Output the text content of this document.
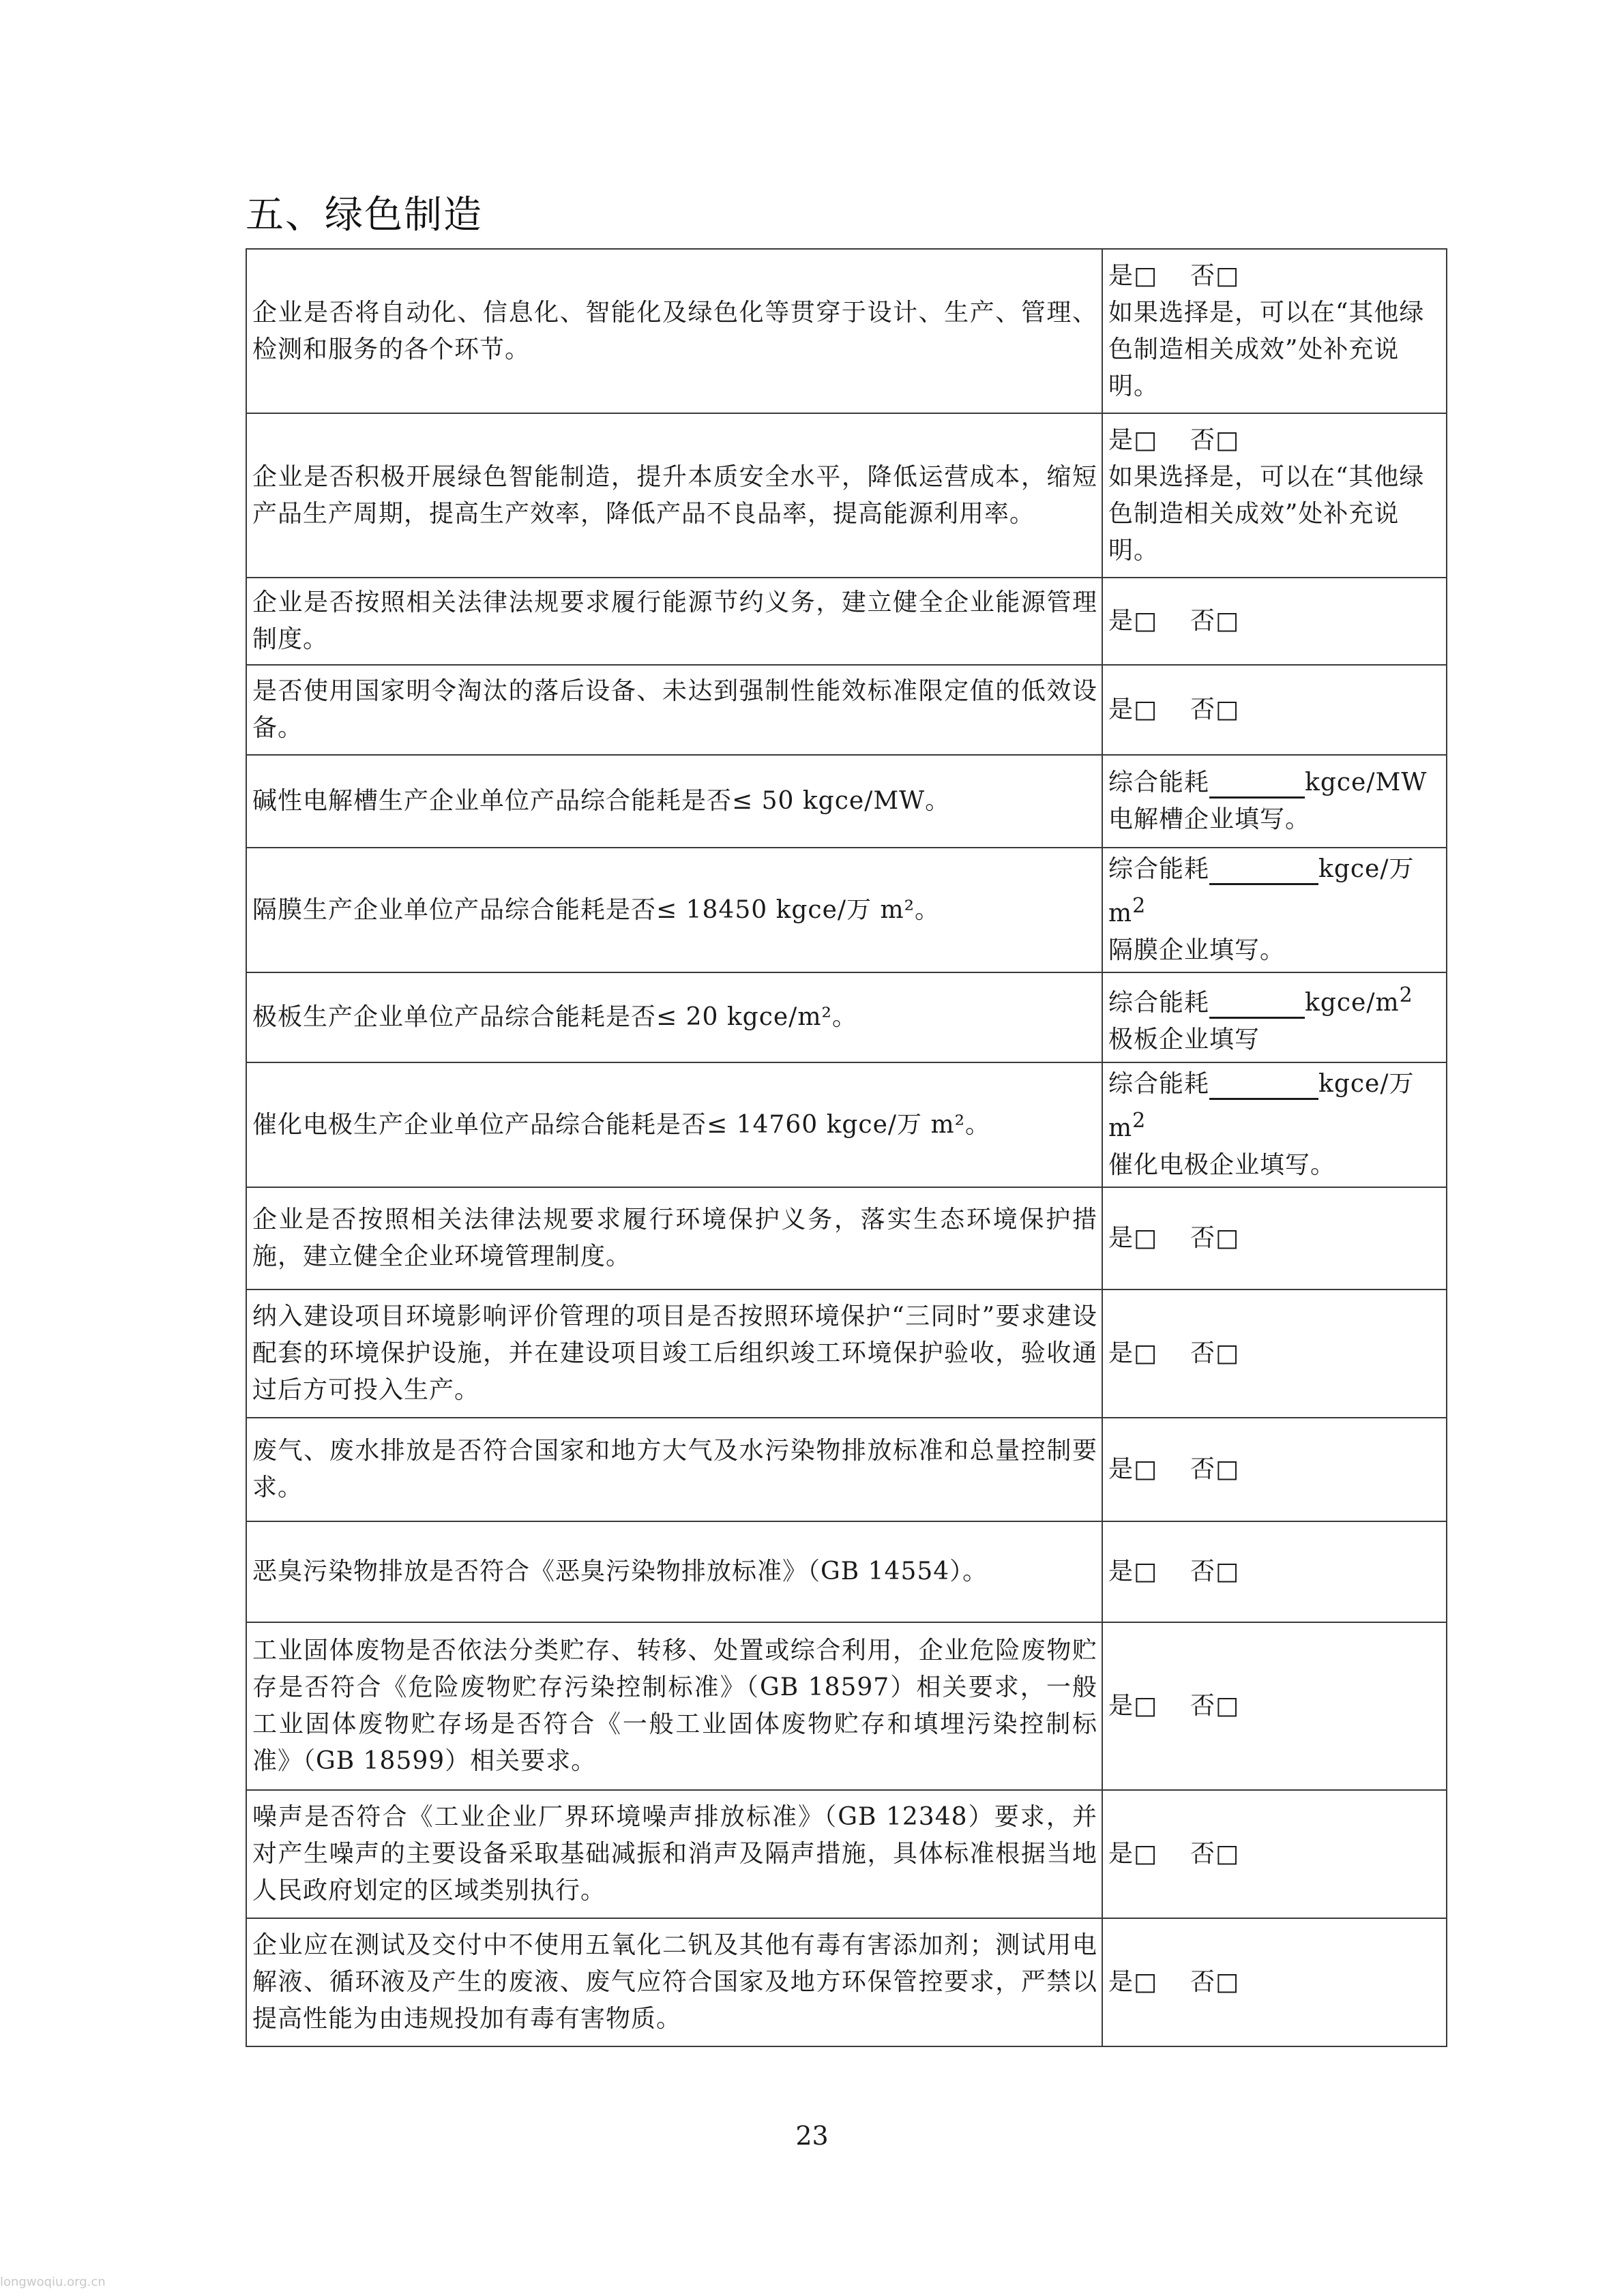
五、绿色制造
企业是否将自动化、信息化、智能化及绿色化等贯穿于设计、生产、管理、检测和服务的各个环节。	是□ 否□
如果选择是，可以在“其他绿色制造相关成效”处补充说明。

企业是否积极开展绿色智能制造，提升本质安全水平，降低运营成本，缩短产品生产周期，提高生产效率，降低产品不良品率，提高能源利用率。	是□ 否□
如果选择是，可以在“其他绿色制造相关成效”处补充说明。

企业是否按照相关法律法规要求履行能源节约义务，建立健全企业能源管理制度。	是□ 否□
是否使用国家明令淘汰的落后设备、未达到强制性能效标准限定值的低效设备。	是□ 否□
碱性电解槽生产企业单位产品综合能耗是否≤ 50 kgce/MW。	综合能耗 kgce/MW
电解槽企业填写。

隔膜生产企业单位产品综合能耗是否≤ 18450 kgce/万 m²。	综合能耗 kgce/万 $m^2$
隔膜企业填写。

极板生产企业单位产品综合能耗是否≤ 20 kgce/m²。	综合能耗 kgce/$m^2$
极板企业填写

催化电极生产企业单位产品综合能耗是否≤ 14760 kgce/万 m²。	综合能耗 kgce/万 $m^2$
催化电极企业填写。

企业是否按照相关法律法规要求履行环境保护义务，落实生态环境保护措施，建立健全企业环境管理制度。	是□ 否□
纳入建设项目环境影响评价管理的项目是否按照环境保护“三同时”要求建设配套的环境保护设施，并在建设项目竣工后组织竣工环境保护验收，验收通过后方可投入生产。	是□ 否□
废气、废水排放是否符合国家和地方大气及水污染物排放标准和总量控制要求。	是□ 否□
恶臭污染物排放是否符合《恶臭污染物排放标准》（GB 14554）。	是□ 否□
工业固体废物是否依法分类贮存、转移、处置或综合利用，企业危险废物贮存是否符合《危险废物贮存污染控制标准》（GB 18597）相关要求，一般工业固体废物贮存场是否符合《一般工业固体废物贮存和填埋污染控制标准》（GB 18599）相关要求。	是□ 否□
噪声是否符合《工业企业厂界环境噪声排放标准》（GB 12348）要求，并对产生噪声的主要设备采取基础减振和消声及隔声措施，具体标准根据当地人民政府划定的区域类别执行。	是□ 否□
企业应在测试及交付中不使用五氧化二钒及其他有毒有害添加剂；测试用电解液、循环液及产生的废液、废气应符合国家及地方环保管控要求，严禁以提高性能为由违规投加有毒有害物质。	是□ 否□

23

longwoqiu.org.cn
